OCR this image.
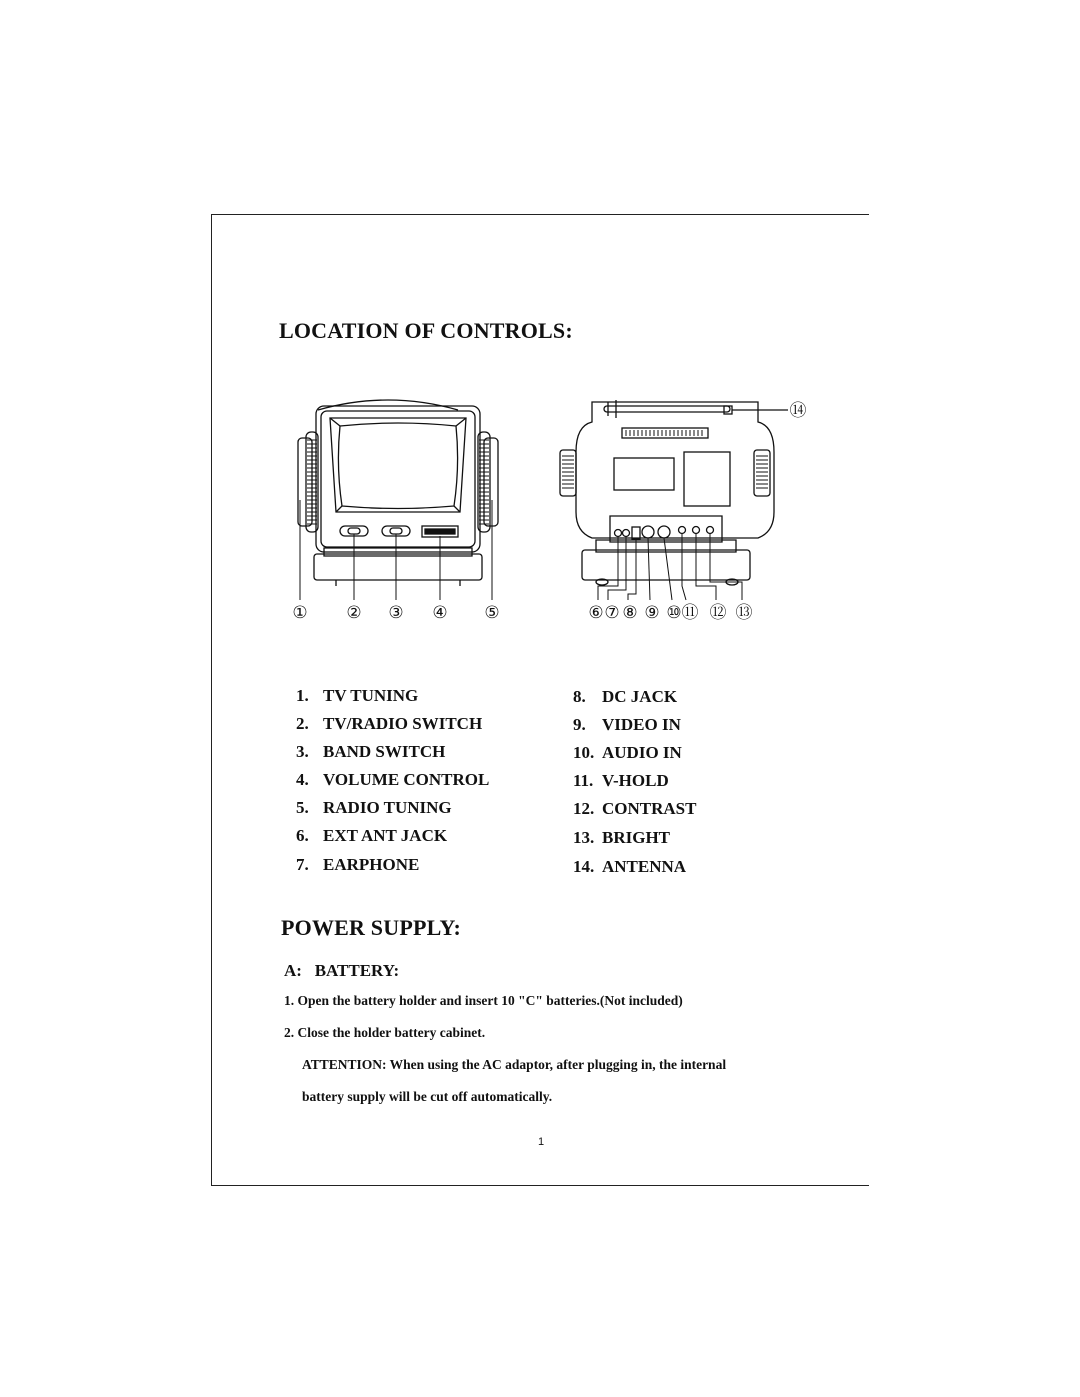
LOCATION OF CONTROLS:
① ② ③ ④ ⑤	⑥ ⑦ ⑧ ⑨ ⑩ ⑪ ⑫ ⑬
⑭
1. TV TUNING
2. TV/RADIO SWITCH
3. BAND SWITCH
4. VOLUME CONTROL
5. RADIO TUNING
6. EXT ANT JACK
7. EARPHONE
8. DC JACK
9. VIDEO IN
10. AUDIO IN
11. V-HOLD
12. CONTRAST
13. BRIGHT
14. ANTENNA
POWER SUPPLY:
A:   BATTERY:
1. Open the battery holder and insert 10 "C" batteries.(Not included)
2. Close the holder battery cabinet.
ATTENTION: When using the AC adaptor, after plugging in, the internal
battery supply will be cut off automatically.
1
